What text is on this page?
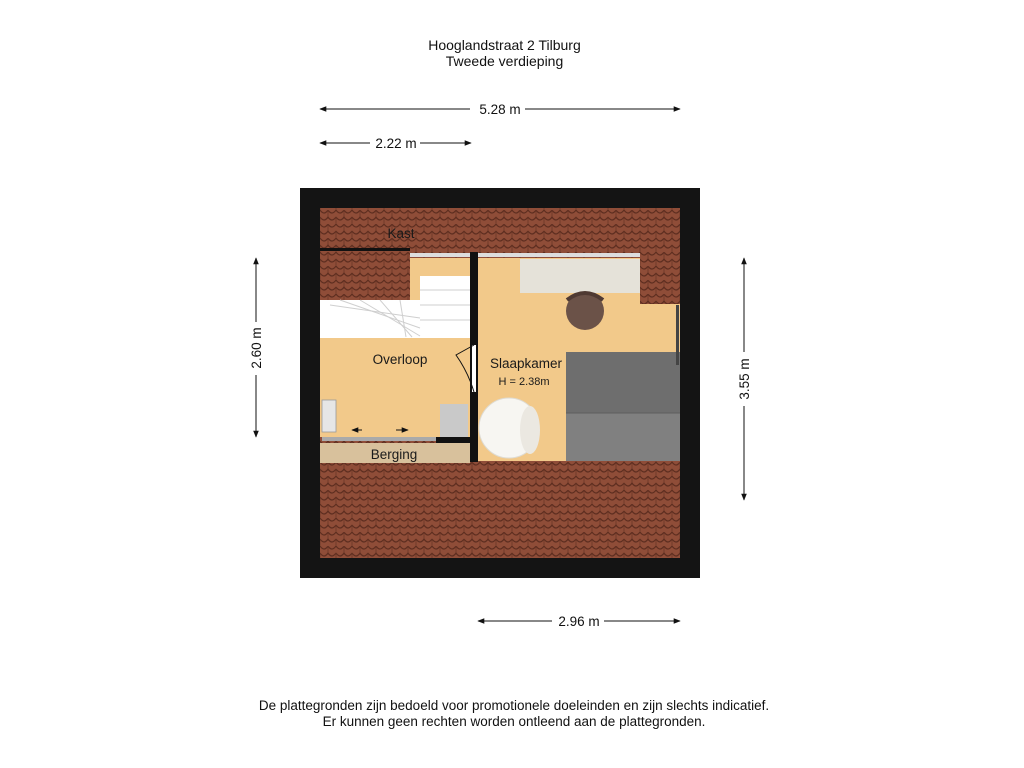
Hooglandstraat 2 Tilburg
Tweede verdieping
5.28 m
2.22 m
2.96 m
2.60 m
3.55 m
Kast
Overloop	Slaapkamer
H = 2.38m
Berging
De plattegronden zijn bedoeld voor promotionele doeleinden en zijn slechts indicatief.
Er kunnen geen rechten worden ontleend aan de plattegronden.
